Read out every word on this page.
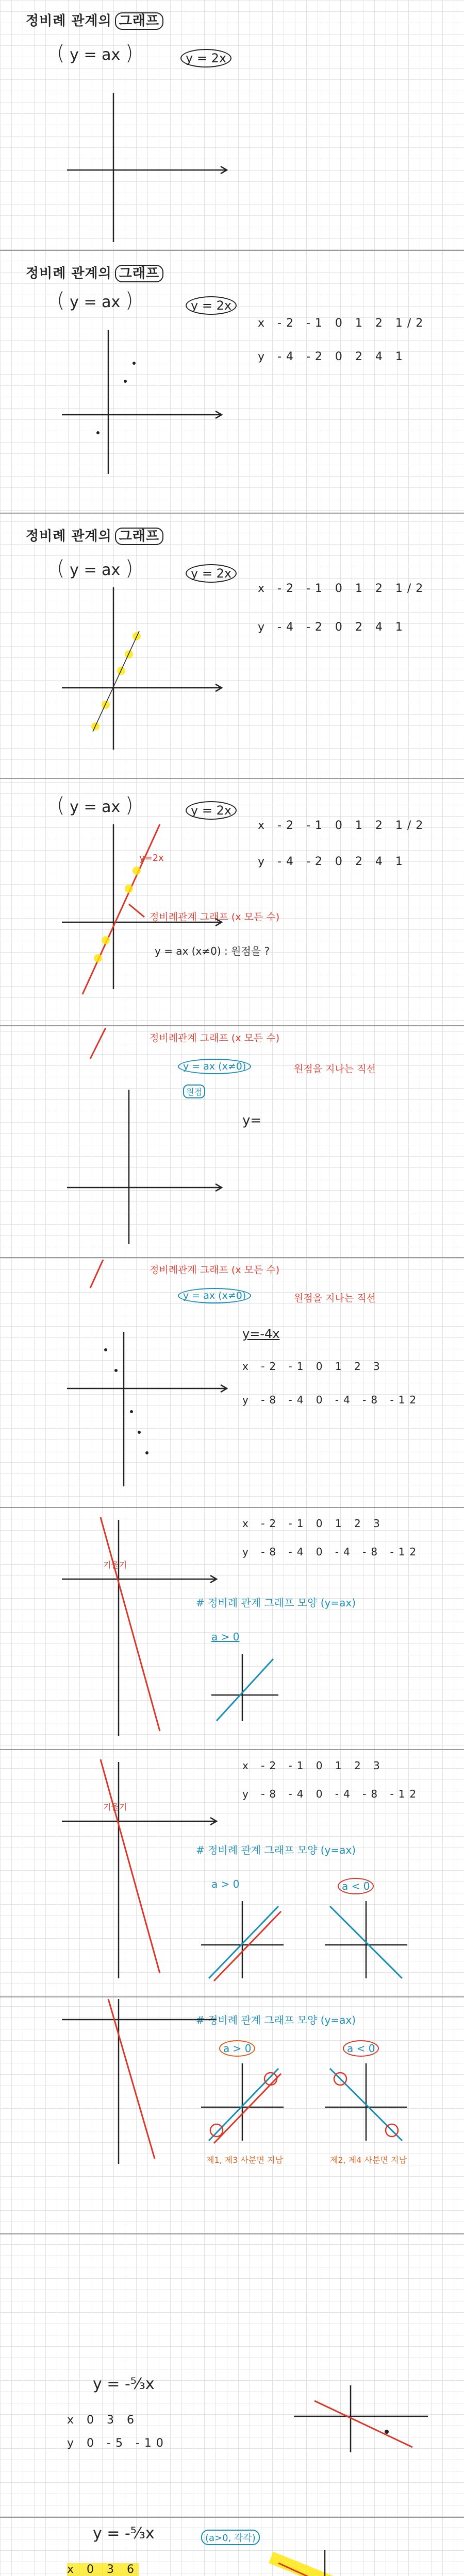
정비례 관계의 그래프
( y = ax )	y = 2x
정비례 관계의 그래프
( y = ax )	y = 2x
x -2 -1 0 1 2 1/2
y -4 -2 0 2 4 1
정비례 관계의 그래프
( y = ax )	y = 2x
x -2 -1 0 1 2 1/2
y -4 -2 0 2 4 1
( y = ax )	y = 2x
x -2 -1 0 1 2 1/2
y -4 -2 0 2 4 1
y=2x
정비례관계 그래프 (x 모든 수)
y = ax (x≠0) : 원점을 ?
정비례관계 그래프 (x 모든 수)
y = ax (x≠0)	원점을 지나는 직선
원점
y=
정비례관계 그래프 (x 모든 수)
y = ax (x≠0)	원점을 지나는 직선
y=-4x
x -2 -1 0 1 2 3
y -8 -4 0 -4 -8 -12
x -2 -1 0 1 2 3
y -8 -4 0 -4 -8 -12
기울기
# 정비례 관계 그래프 모양 (y=ax)
a > 0
x -2 -1 0 1 2 3
y -8 -4 0 -4 -8 -12
기울기
# 정비례 관계 그래프 모양 (y=ax)
a > 0	a < 0
# 정비례 관계 그래프 모양 (y=ax)
a > 0	a < 0
제1, 제3 사분면 지남	제2, 제4 사분면 지남
y = -⁵⁄₃x
x 0 3 6
y 0 -5 -10
y = -⁵⁄₃x	(a>0, 각각)
x 0 3 6
